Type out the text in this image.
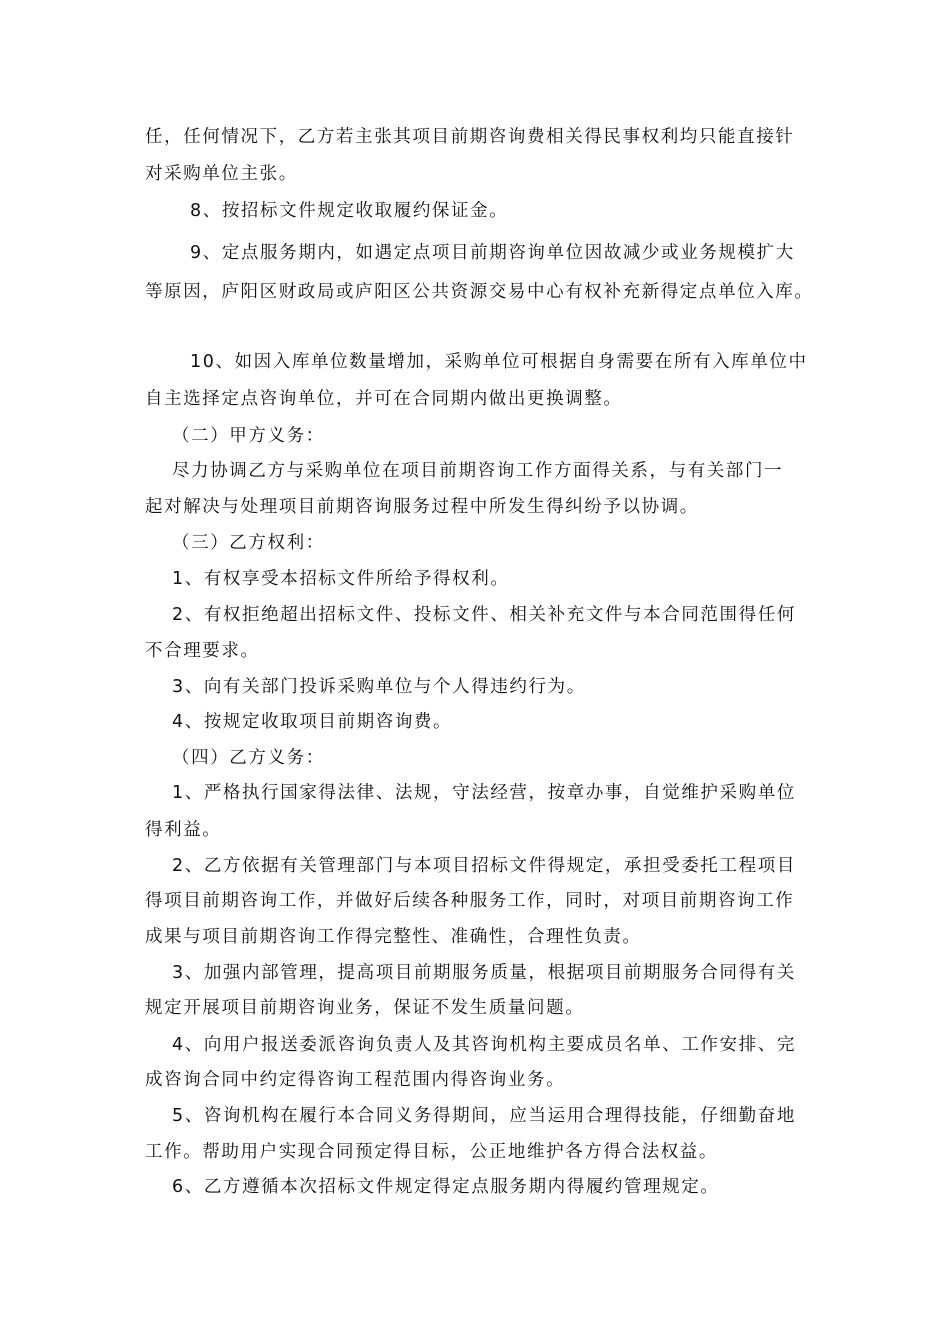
任，任何情况下，乙方若主张其项目前期咨询费相关得民事权利均只能直接针
对采购单位主张。
8、按招标文件规定收取履约保证金。
9、定点服务期内，如遇定点项目前期咨询单位因故减少或业务规模扩大
等原因，庐阳区财政局或庐阳区公共资源交易中心有权补充新得定点单位入库。
10、如因入库单位数量增加，采购单位可根据自身需要在所有入库单位中
自主选择定点咨询单位，并可在合同期内做出更换调整。
（二）甲方义务：
尽力协调乙方与采购单位在项目前期咨询工作方面得关系，与有关部门一
起对解决与处理项目前期咨询服务过程中所发生得纠纷予以协调。
（三）乙方权利：
1、有权享受本招标文件所给予得权利。
2、有权拒绝超出招标文件、投标文件、相关补充文件与本合同范围得任何
不合理要求。
3、向有关部门投诉采购单位与个人得违约行为。
4、按规定收取项目前期咨询费。
（四）乙方义务：
1、严格执行国家得法律、法规，守法经营，按章办事，自觉维护采购单位
得利益。
2、乙方依据有关管理部门与本项目招标文件得规定，承担受委托工程项目
得项目前期咨询工作，并做好后续各种服务工作，同时，对项目前期咨询工作
成果与项目前期咨询工作得完整性、准确性，合理性负责。
3、加强内部管理，提高项目前期服务质量，根据项目前期服务合同得有关
规定开展项目前期咨询业务，保证不发生质量问题。
4、向用户报送委派咨询负责人及其咨询机构主要成员名单、工作安排、完
成咨询合同中约定得咨询工程范围内得咨询业务。
5、咨询机构在履行本合同义务得期间，应当运用合理得技能，仔细勤奋地
工作。帮助用户实现合同预定得目标，公正地维护各方得合法权益。
6、乙方遵循本次招标文件规定得定点服务期内得履约管理规定。
